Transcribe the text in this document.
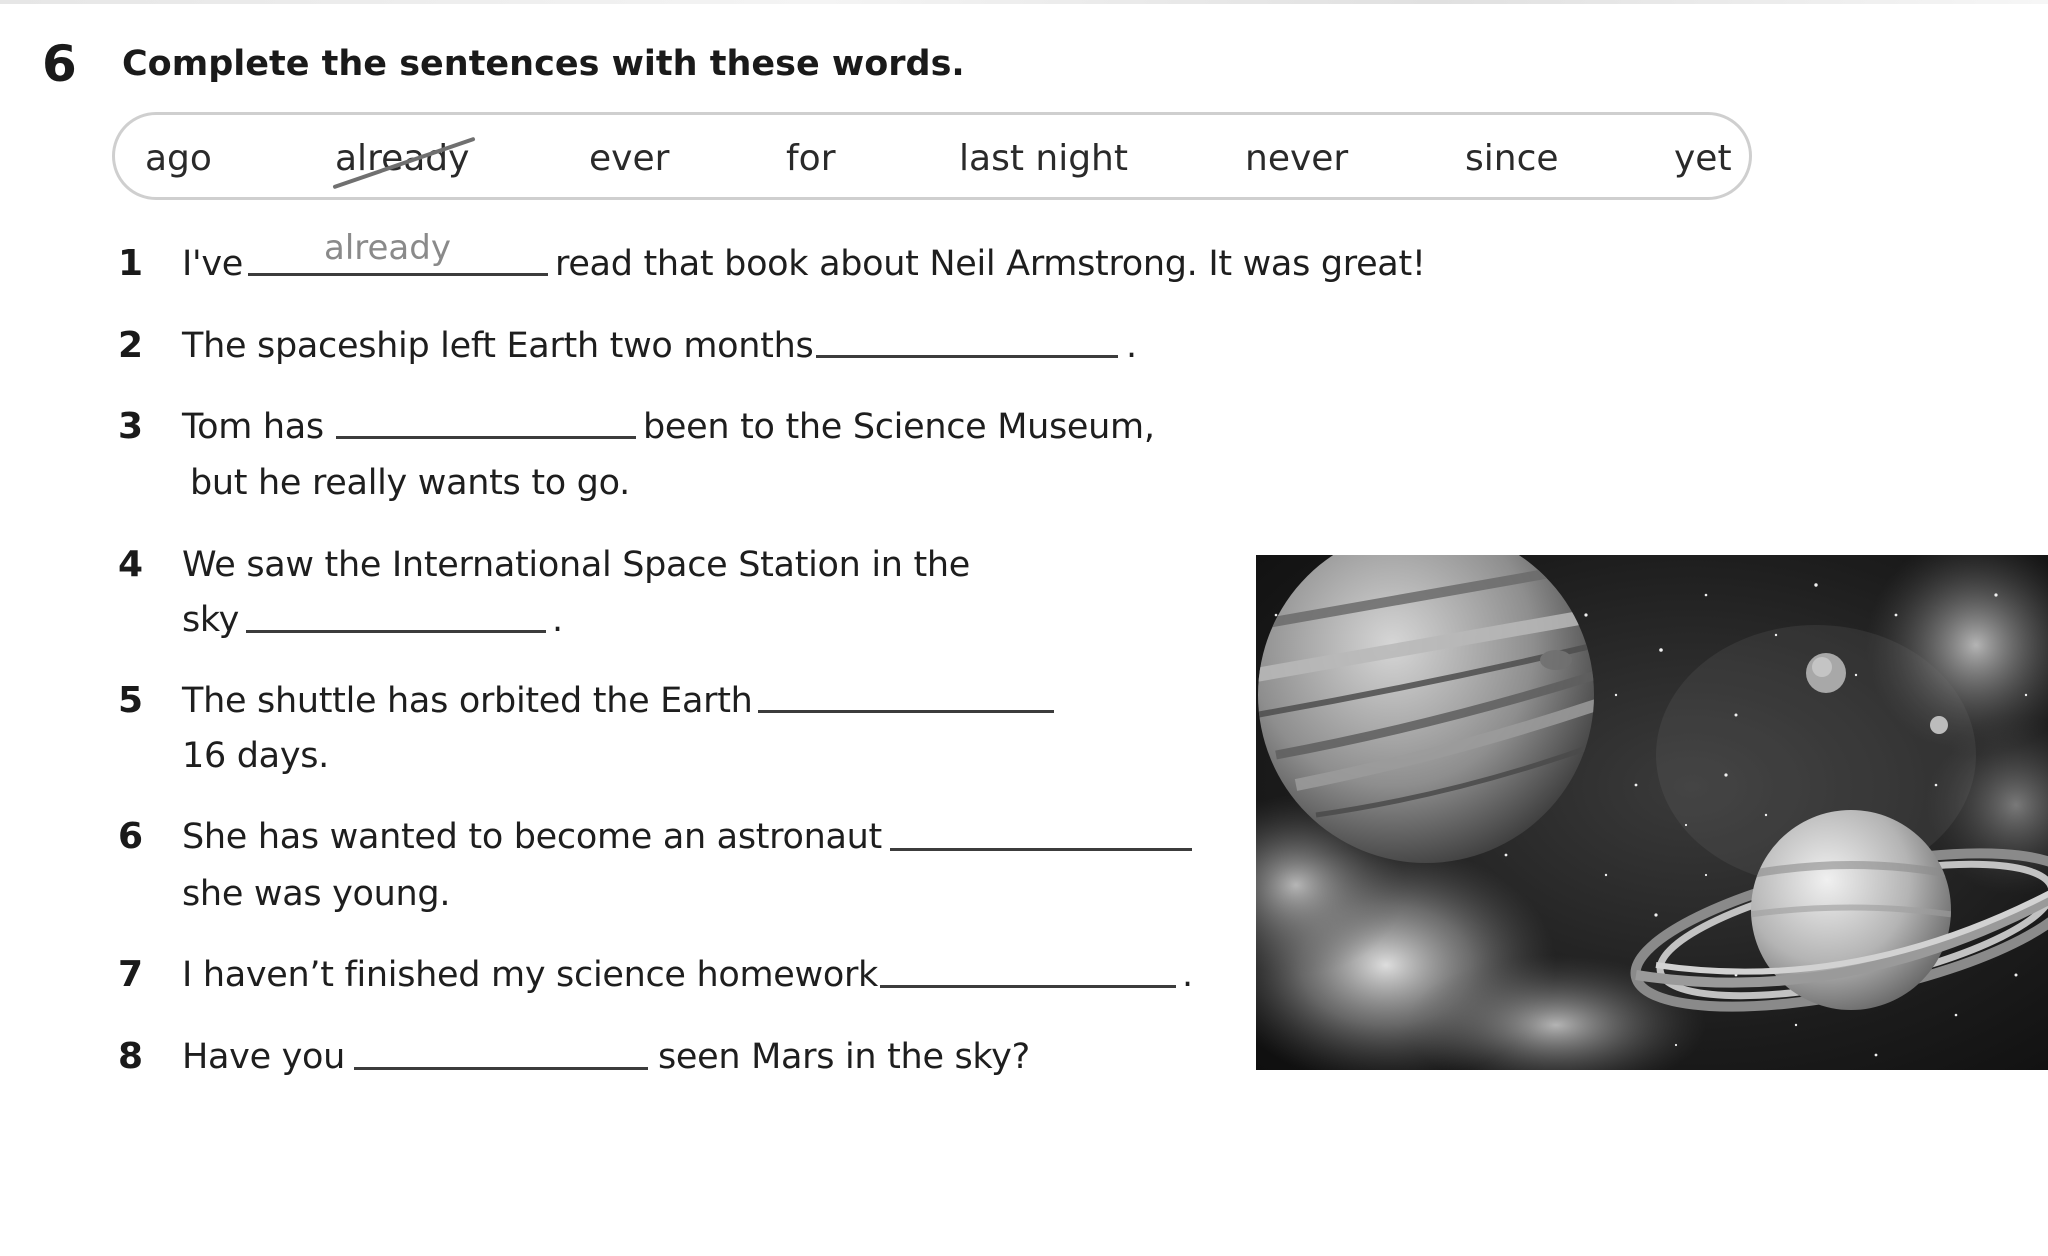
6 Complete the sentences with these words.
ago	already	ever	for	last night	never	since	yet
1 I've already	read that book about Neil Armstrong. It was great!
2 The spaceship left Earth two months	.
3 Tom has	been to the Science Museum,
but he really wants to go.
4 We saw the International Space Station in the
sky	.
5 The shuttle has orbited the Earth
16 days.
6 She has wanted to become an astronaut
she was young.
7 I haven’t finished my science homework	.
8 Have you	seen Mars in the sky?
